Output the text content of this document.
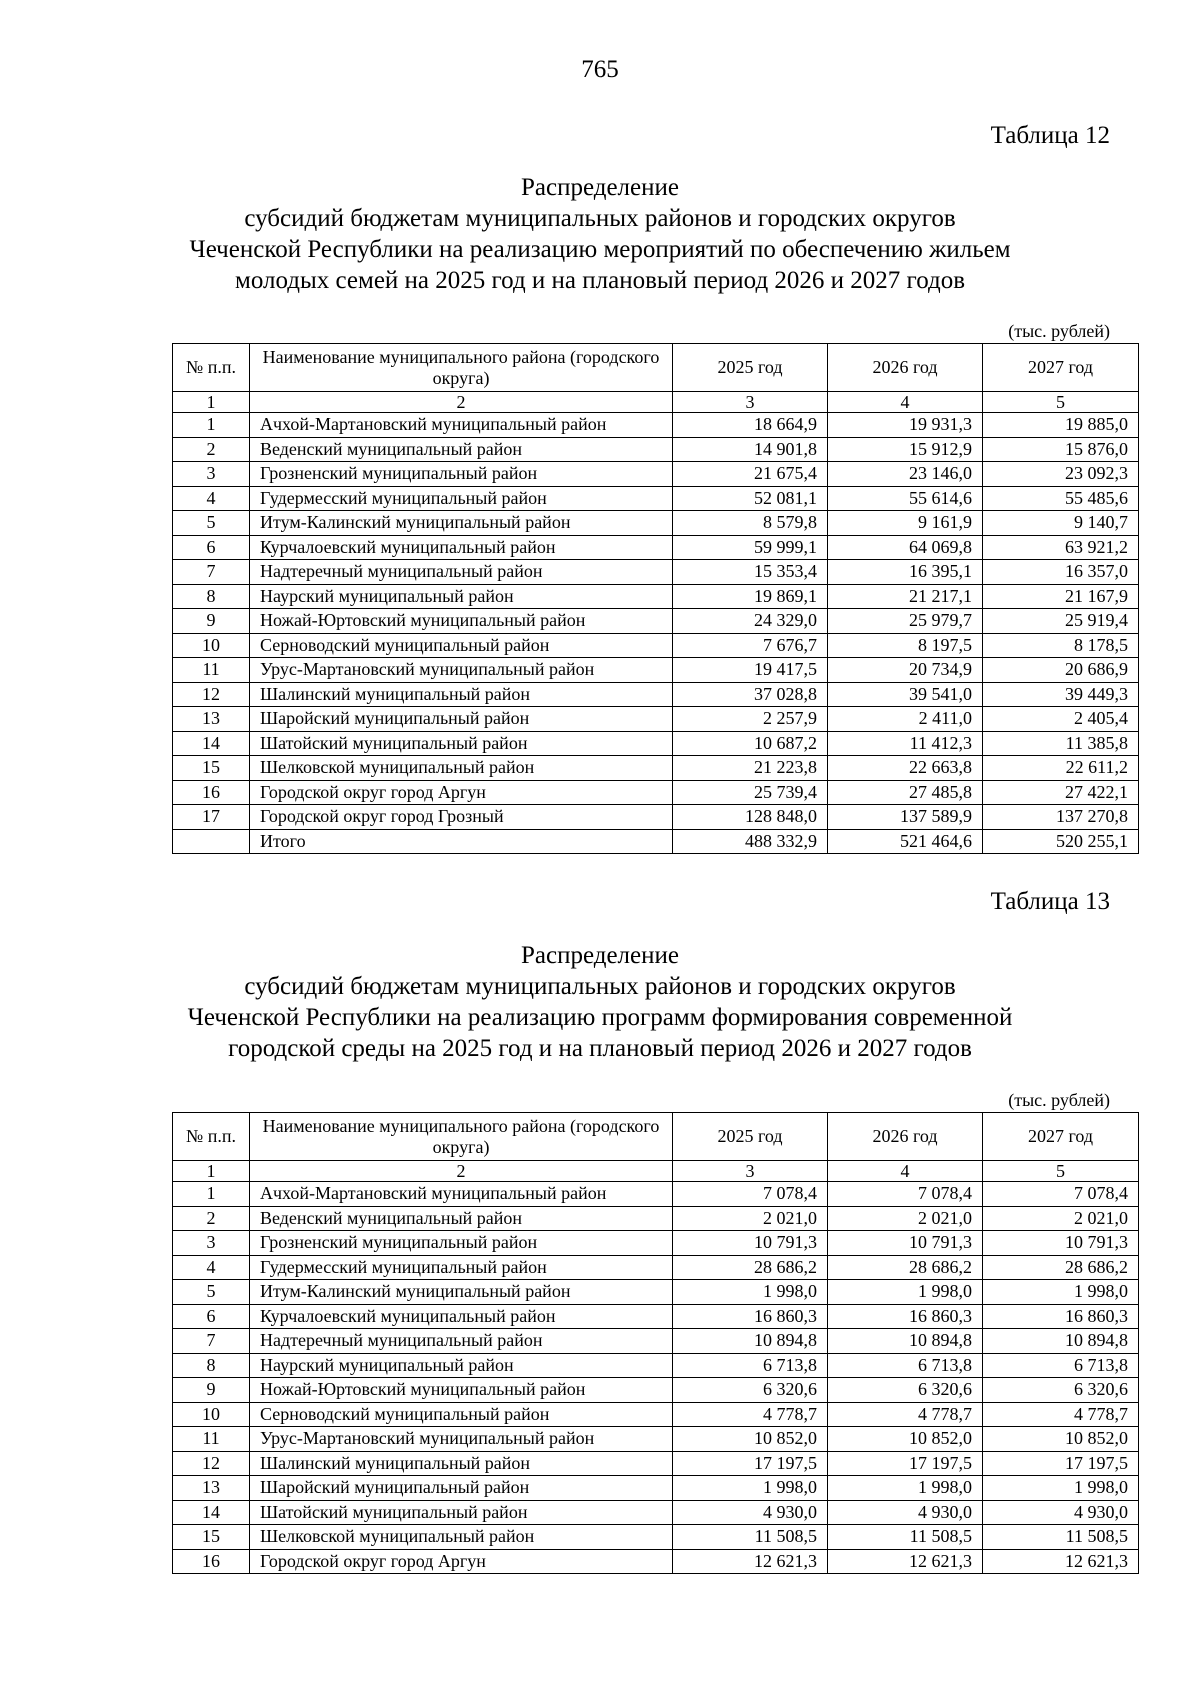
765
Таблица 12
Распределение
субсидий бюджетам муниципальных районов и городских округов
Чеченской Республики на реализацию мероприятий по обеспечению жильем
молодых семей на 2025 год и на плановый период 2026 и 2027 годов
(тыс. рублей)
№ п.п.	Наименование муниципального района (городского округа)	2025 год	2026 год	2027 год
1	2	3	4	5
1	Ачхой-Мартановский муниципальный район	18 664,9	19 931,3	19 885,0
2	Веденский муниципальный район	14 901,8	15 912,9	15 876,0
3	Грозненский муниципальный район	21 675,4	23 146,0	23 092,3
4	Гудермесский муниципальный район	52 081,1	55 614,6	55 485,6
5	Итум-Калинский муниципальный район	8 579,8	9 161,9	9 140,7
6	Курчалоевский муниципальный район	59 999,1	64 069,8	63 921,2
7	Надтеречный муниципальный район	15 353,4	16 395,1	16 357,0
8	Наурский муниципальный район	19 869,1	21 217,1	21 167,9
9	Ножай-Юртовский муниципальный район	24 329,0	25 979,7	25 919,4
10	Серноводский муниципальный район	7 676,7	8 197,5	8 178,5
11	Урус-Мартановский муниципальный район	19 417,5	20 734,9	20 686,9
12	Шалинский муниципальный район	37 028,8	39 541,0	39 449,3
13	Шаройский муниципальный район	2 257,9	2 411,0	2 405,4
14	Шатойский муниципальный район	10 687,2	11 412,3	11 385,8
15	Шелковской муниципальный район	21 223,8	22 663,8	22 611,2
16	Городской округ город Аргун	25 739,4	27 485,8	27 422,1
17	Городской округ город Грозный	128 848,0	137 589,9	137 270,8
	Итого	488 332,9	521 464,6	520 255,1
Таблица 13
Распределение
субсидий бюджетам муниципальных районов и городских округов
Чеченской Республики на реализацию программ формирования современной
городской среды на 2025 год и на плановый период 2026 и 2027 годов
(тыс. рублей)
№ п.п.	Наименование муниципального района (городского округа)	2025 год	2026 год	2027 год
1	2	3	4	5
1	Ачхой-Мартановский муниципальный район	7 078,4	7 078,4	7 078,4
2	Веденский муниципальный район	2 021,0	2 021,0	2 021,0
3	Грозненский муниципальный район	10 791,3	10 791,3	10 791,3
4	Гудермесский муниципальный район	28 686,2	28 686,2	28 686,2
5	Итум-Калинский муниципальный район	1 998,0	1 998,0	1 998,0
6	Курчалоевский муниципальный район	16 860,3	16 860,3	16 860,3
7	Надтеречный муниципальный район	10 894,8	10 894,8	10 894,8
8	Наурский муниципальный район	6 713,8	6 713,8	6 713,8
9	Ножай-Юртовский муниципальный район	6 320,6	6 320,6	6 320,6
10	Серноводский муниципальный район	4 778,7	4 778,7	4 778,7
11	Урус-Мартановский муниципальный район	10 852,0	10 852,0	10 852,0
12	Шалинский муниципальный район	17 197,5	17 197,5	17 197,5
13	Шаройский муниципальный район	1 998,0	1 998,0	1 998,0
14	Шатойский муниципальный район	4 930,0	4 930,0	4 930,0
15	Шелковской муниципальный район	11 508,5	11 508,5	11 508,5
16	Городской округ город Аргун	12 621,3	12 621,3	12 621,3
